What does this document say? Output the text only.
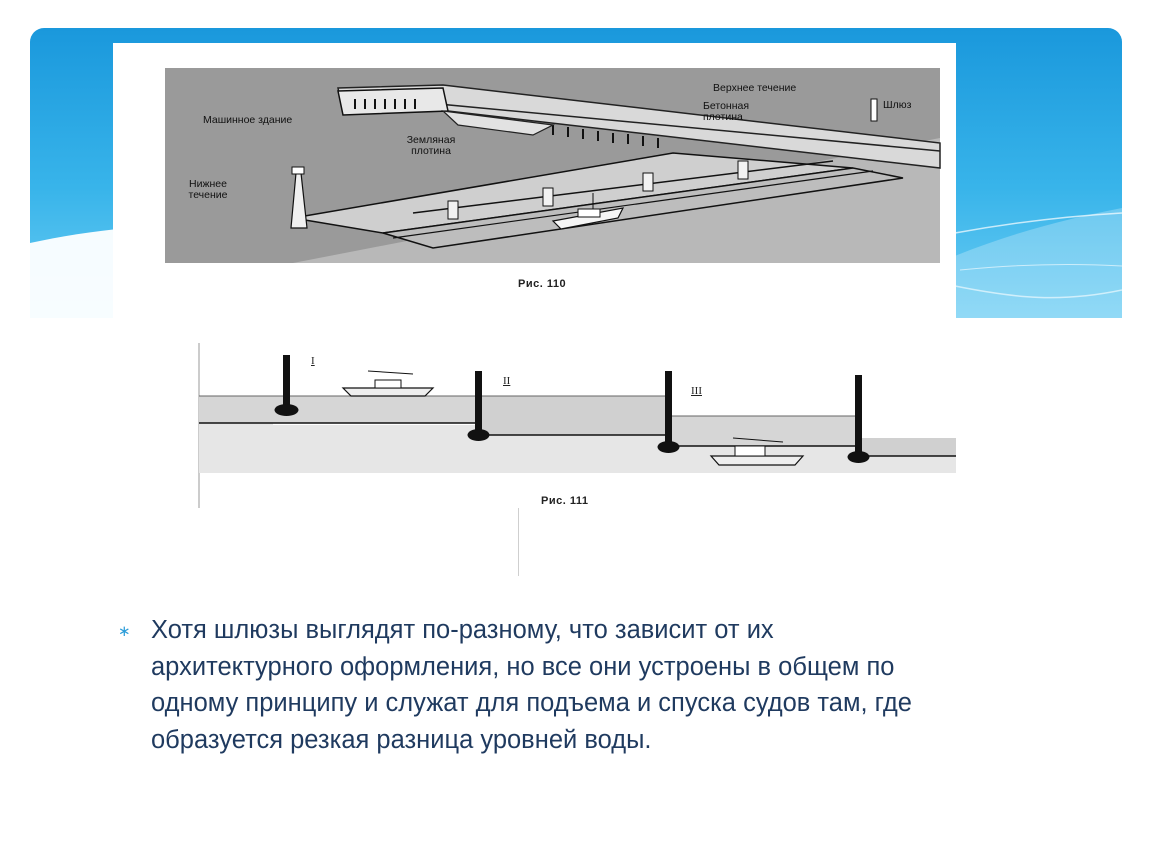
Верхнее течение
Шлюз
Бетонная плотина
Машинное здание
Земляная плотина
Нижнее течение
Рис. 110
I
II
III
Рис. 111
∗ Хотя шлюзы выглядят по-разному, что зависит от их архитектурного оформления, но все они устроены в общем по одному принципу и служат для подъема и спуска судов там, где образуется резкая разница уровней воды.
